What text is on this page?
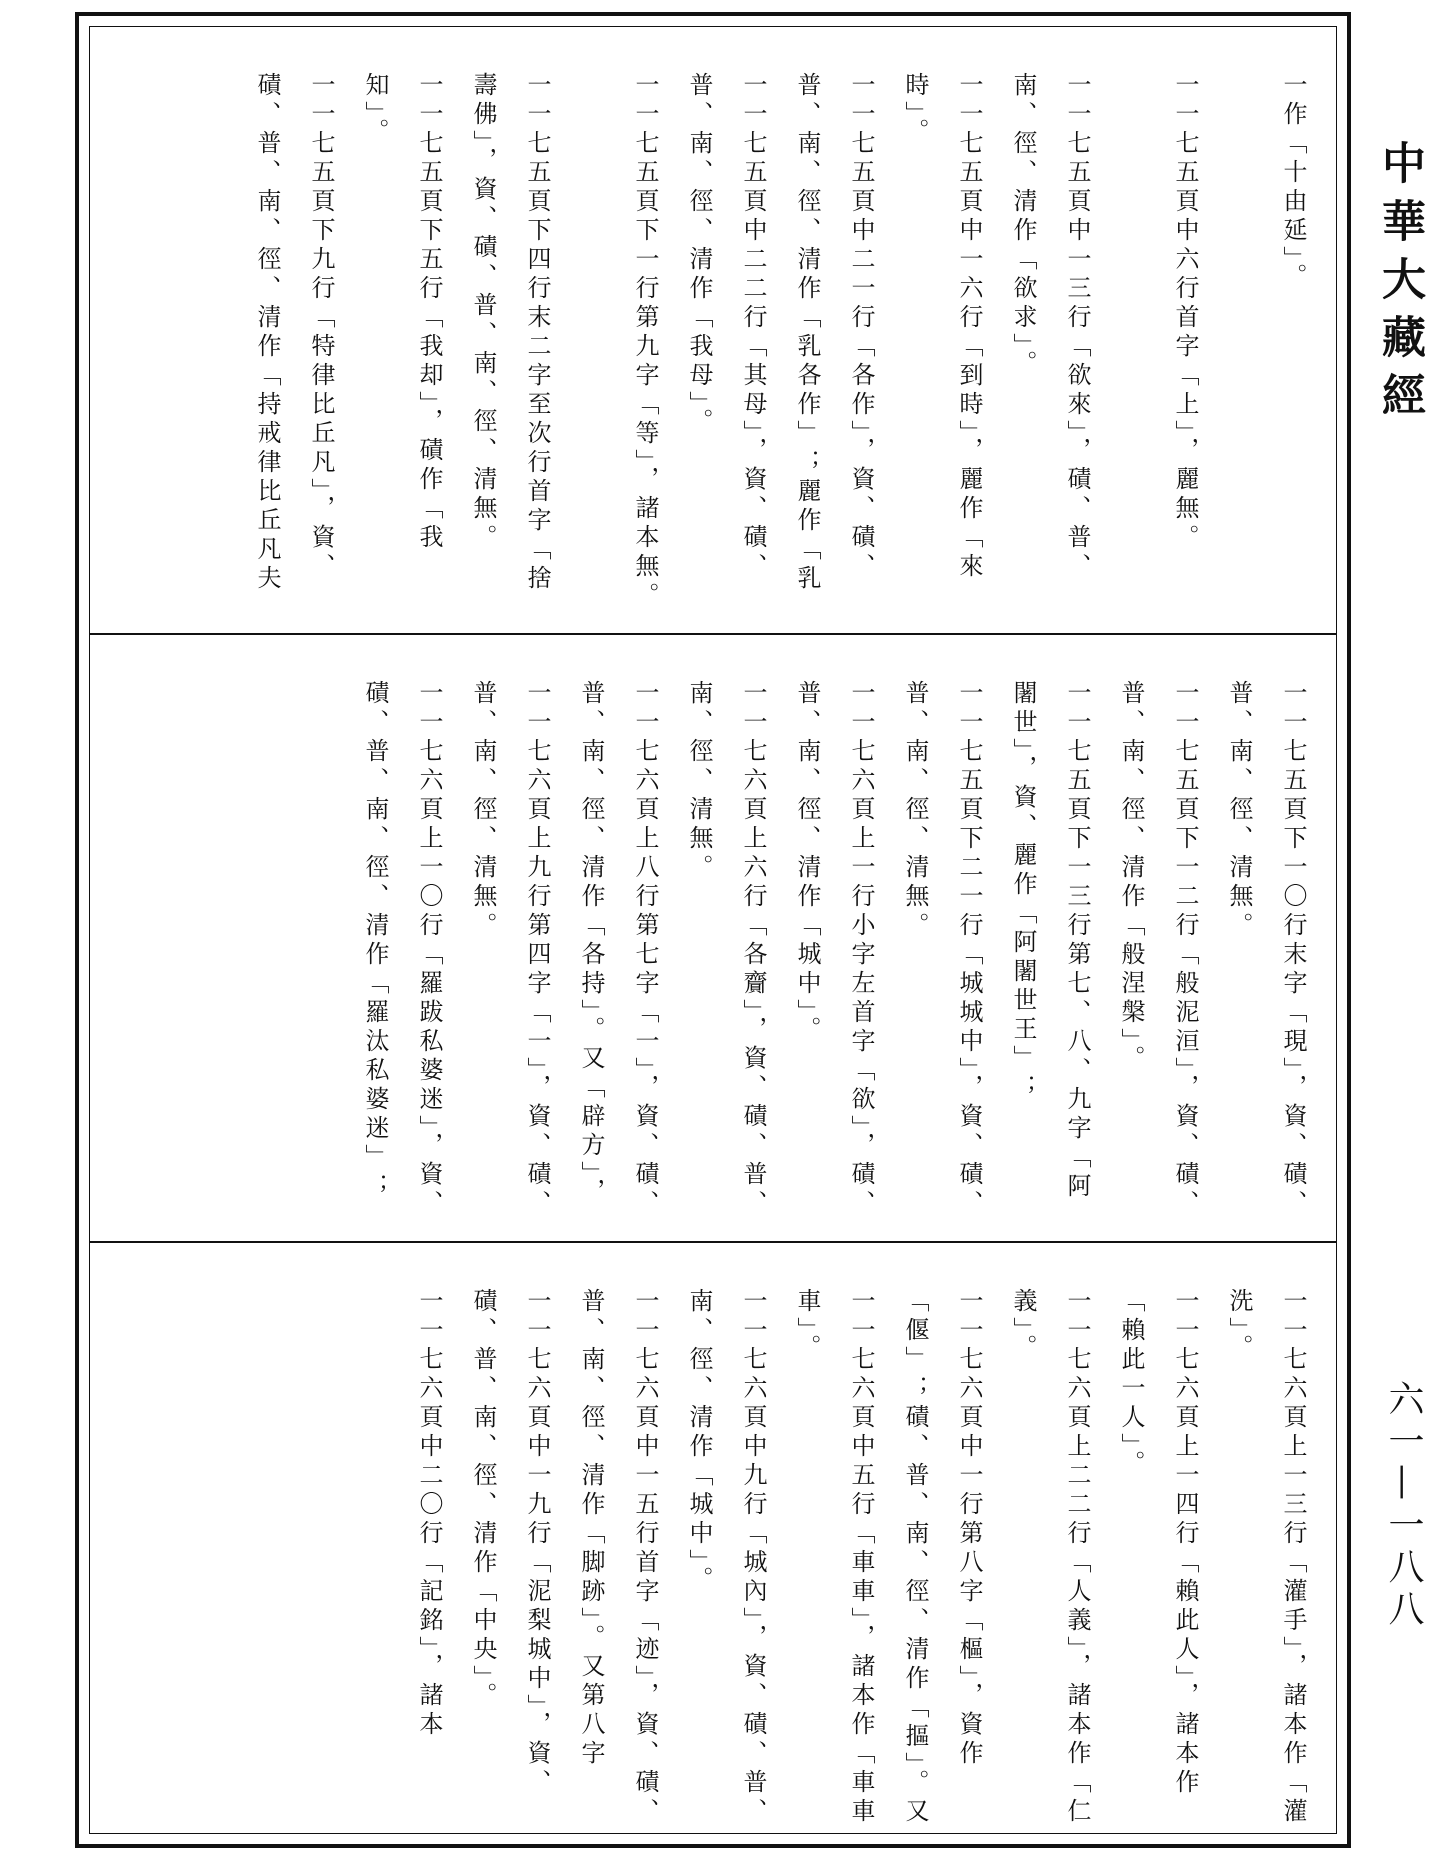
一作「十由延」。
一一七五頁中六行首字「上」，麗無。
一一七五頁中一三行「欲來」，磧、普、南、徑、清作「欲求」。
一一七五頁中一六行「到時」，麗作「來時」。
一一七五頁中二一行「各作」，資、磧、普、南、徑、清作「乳各作」；麗作「乳
一一七五頁中二二行「其母」，資、磧、普、南、徑、清作「我母」。
一一七五頁下一行第九字「等」，諸本無。
一一七五頁下四行末二字至次行首字「捨壽佛」，資、磧、普、南、徑、清無。
一一七五頁下五行「我却」，磧作「我知」。
一一七五頁下九行「特律比丘凡」，資、磧、普、南、徑、清作「持戒律比丘凡夫
一一七五頁下一〇行末字「現」，資、磧、普、南、徑、清無。
一一七五頁下一二行「般泥洹」，資、磧、普、南、徑、清作「般涅槃」。
一一七五頁下一三行第七、八、九字「阿闍世」，資、麗作「阿闍世王」；
一一七五頁下二一行「城城中」，資、磧、普、南、徑、清無。
一一七六頁上一行小字左首字「欲」，磧、普、南、徑、清作「城中」。
一一七六頁上六行「各齎」，資、磧、普、南、徑、清無。
一一七六頁上八行第七字「一」，資、磧、普、南、徑、清作「各持」。又「辟方」，
一一七六頁上九行第四字「一」，資、磧、普、南、徑、清無。
一一七六頁上一〇行「羅跋私婆迷」，資、磧、普、南、徑、清作「羅汰私婆迷」；
一一七六頁上一三行「灌手」，諸本作「灌洗」。
一一七六頁上一四行「賴此人」，諸本作「賴此一人」。
一一七六頁上二二行「人義」，諸本作「仁義」。
一一七六頁中一行第八字「樞」，資作「偃」；磧、普、南、徑、清作「摳」。又
一一七六頁中五行「車車」，諸本作「車車車」。
一一七六頁中九行「城內」，資、磧、普、南、徑、清作「城中」。
一一七六頁中一五行首字「迹」，資、磧、普、南、徑、清作「脚跡」。又第八字
一一七六頁中一九行「泥梨城中」，資、磧、普、南、徑、清作「中央」。
一一七六頁中二〇行「記銘」，諸本
中華大藏經
六一—一八八
